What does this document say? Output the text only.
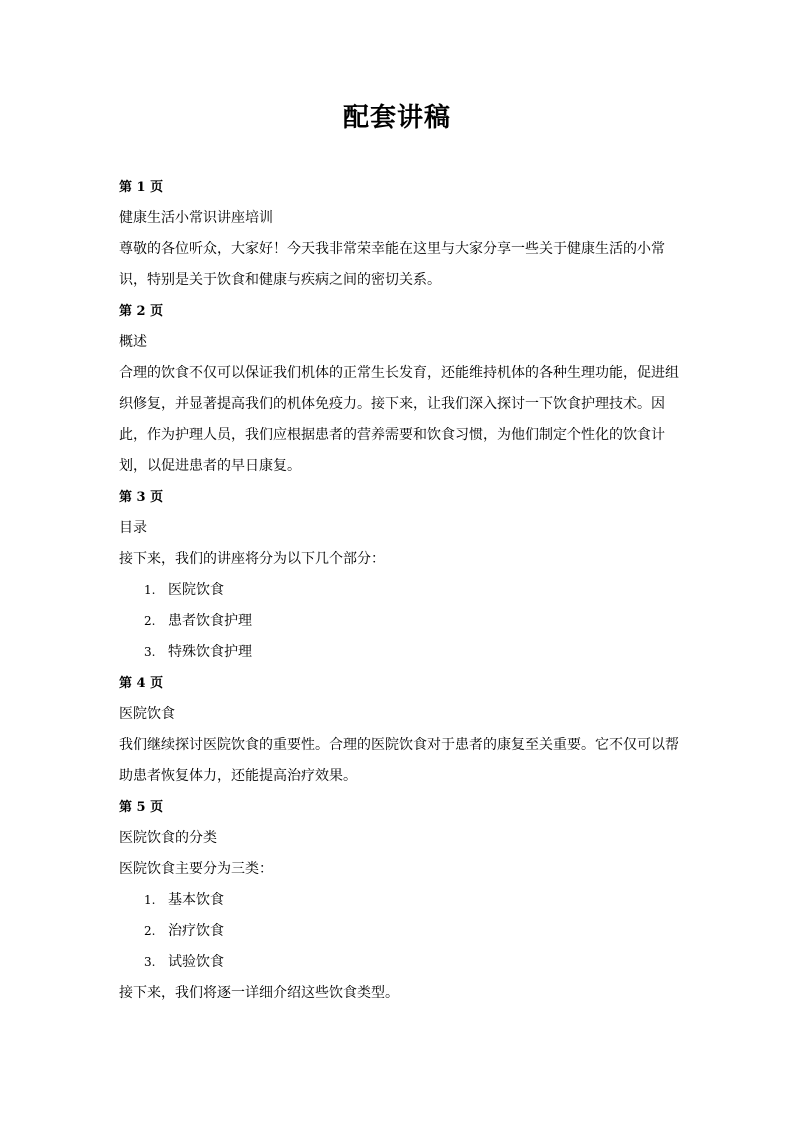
配套讲稿

第 1 页

健康生活小常识讲座培训

尊敬的各位听众，大家好！今天我非常荣幸能在这里与大家分享一些关于健康生活的小常识，特别是关于饮食和健康与疾病之间的密切关系。

第 2 页

概述

合理的饮食不仅可以保证我们机体的正常生长发育，还能维持机体的各种生理功能，促进组织修复，并显著提高我们的机体免疫力。接下来，让我们深入探讨一下饮食护理技术。因此，作为护理人员，我们应根据患者的营养需要和饮食习惯，为他们制定个性化的饮食计划，以促进患者的早日康复。

第 3 页

目录

接下来，我们的讲座将分为以下几个部分：

1. 医院饮食
2. 患者饮食护理
3. 特殊饮食护理

第 4 页

医院饮食

我们继续探讨医院饮食的重要性。合理的医院饮食对于患者的康复至关重要。它不仅可以帮助患者恢复体力，还能提高治疗效果。

第 5 页

医院饮食的分类

医院饮食主要分为三类：

1. 基本饮食
2. 治疗饮食
3. 试验饮食

接下来，我们将逐一详细介绍这些饮食类型。
